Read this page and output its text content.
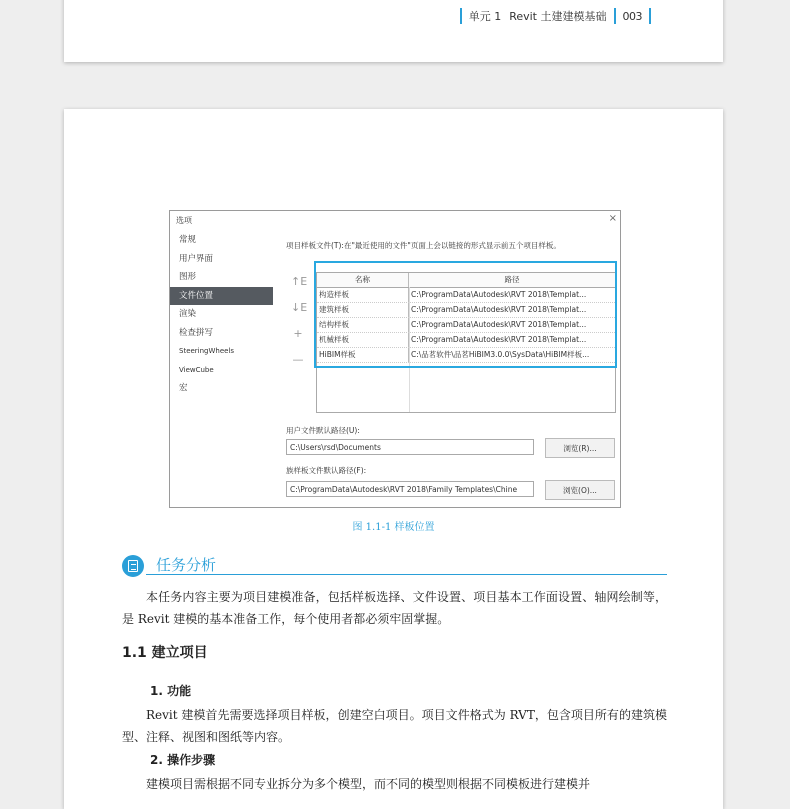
单元 1 Revit 土建建模基础 003
选项	×
常规
用户界面
图形
文件位置
渲染
检查拼写
SteeringWheels
ViewCube
宏
项目样板文件(T):在"最近使用的文件"页面上会以链接的形式显示前五个项目样板。
↑E
↓E
+
—
名称	路径
构造样板	C:\ProgramData\Autodesk\RVT 2018\Templat...
建筑样板	C:\ProgramData\Autodesk\RVT 2018\Templat...
结构样板	C:\ProgramData\Autodesk\RVT 2018\Templat...
机械样板	C:\ProgramData\Autodesk\RVT 2018\Templat...
HiBIM样板	C:\品茗软件\品茗HiBIM3.0.0\SysData\HiBIM样板...
用户文件默认路径(U):
C:\Users\rsd\Documents	浏览(R)...
族样板文件默认路径(F):
C:\ProgramData\Autodesk\RVT 2018\Family Templates\Chine	浏览(O)...
图 1.1-1 样板位置
任务分析
本任务内容主要为项目建模准备，包括样板选择、文件设置、项目基本工作面设置、轴网绘制等，是 Revit 建模的基本准备工作，每个使用者都必须牢固掌握。
1.1 建立项目
1. 功能
Revit 建模首先需要选择项目样板，创建空白项目。项目文件格式为 RVT，包含项目所有的建筑模型、注释、视图和图纸等内容。
2. 操作步骤
建模项目需根据不同专业拆分为多个模型，而不同的模型则根据不同模板进行建模并
